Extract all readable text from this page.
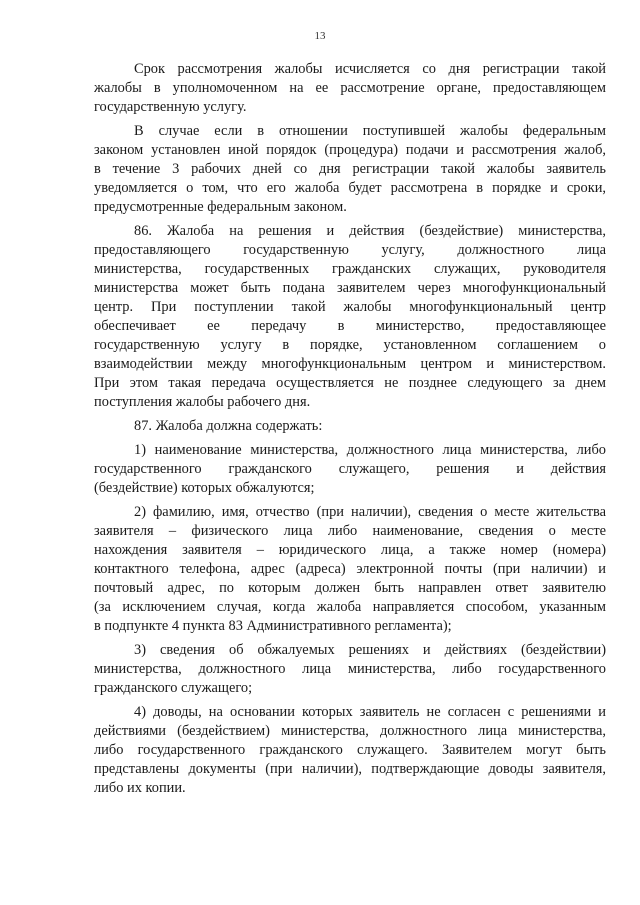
13
Срок рассмотрения жалобы исчисляется со дня регистрации такой
жалобы в уполномоченном на ее рассмотрение органе, предоставляющем
государственную услугу.
В случае если в отношении поступившей жалобы федеральным
законом установлен иной порядок (процедура) подачи и рассмотрения жалоб,
в течение 3 рабочих дней со дня регистрации такой жалобы заявитель
уведомляется о том, что его жалоба будет рассмотрена в порядке и сроки,
предусмотренные федеральным законом.
86. Жалоба на решения и действия (бездействие) министерства,
предоставляющего государственную услугу, должностного лица
министерства, государственных гражданских служащих, руководителя
министерства может быть подана заявителем через многофункциональный
центр. При поступлении такой жалобы многофункциональный центр
обеспечивает ее передачу в министерство, предоставляющее
государственную услугу в порядке, установленном соглашением о
взаимодействии между многофункциональным центром и министерством.
При этом такая передача осуществляется не позднее следующего за днем
поступления жалобы рабочего дня.
87. Жалоба должна содержать:
1) наименование министерства, должностного лица министерства, либо
государственного гражданского служащего, решения и действия
(бездействие) которых обжалуются;
2) фамилию, имя, отчество (при наличии), сведения о месте жительства
заявителя – физического лица либо наименование, сведения о месте
нахождения заявителя – юридического лица, а также номер (номера)
контактного телефона, адрес (адреса) электронной почты (при наличии) и
почтовый адрес, по которым должен быть направлен ответ заявителю
(за исключением случая, когда жалоба направляется способом, указанным
в подпункте 4 пункта 83 Административного регламента);
3) сведения об обжалуемых решениях и действиях (бездействии)
министерства, должностного лица министерства, либо государственного
гражданского служащего;
4) доводы, на основании которых заявитель не согласен с решениями и
действиями (бездействием) министерства, должностного лица министерства,
либо государственного гражданского служащего. Заявителем могут быть
представлены документы (при наличии), подтверждающие доводы заявителя,
либо их копии.
